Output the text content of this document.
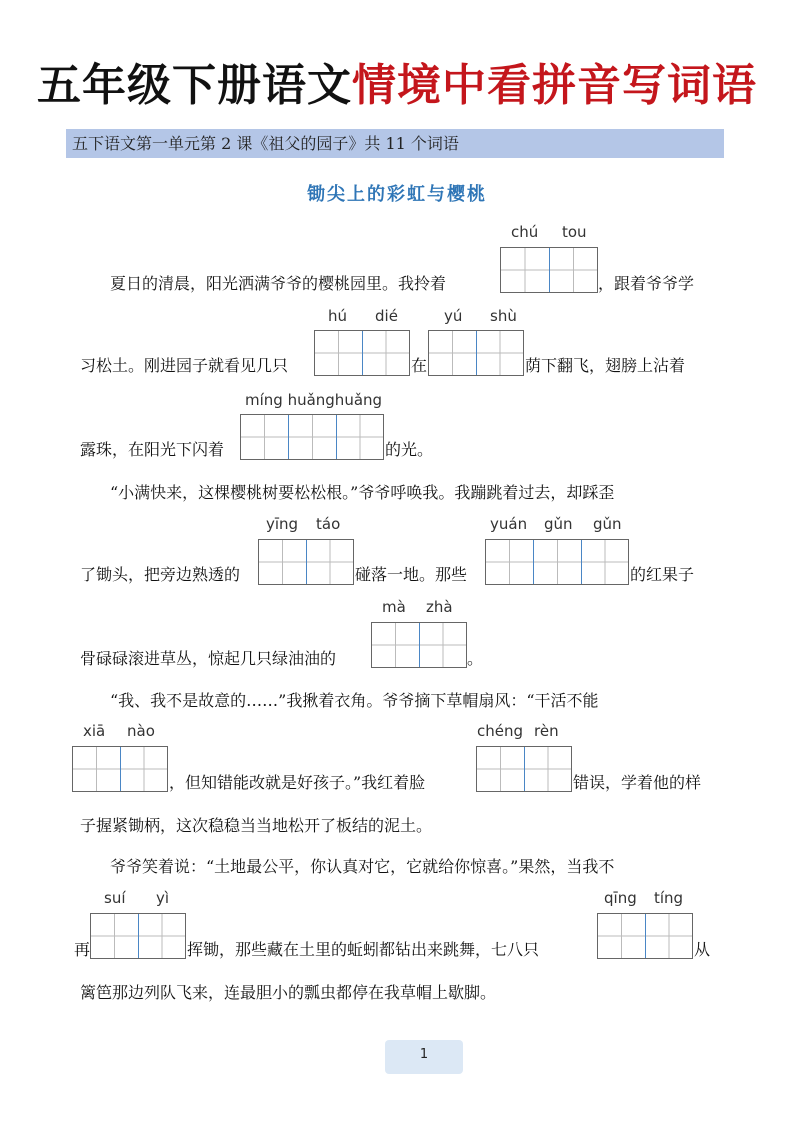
五年级下册语文情境中看拼音写词语
五下语文第一单元第 2 课《祖父的园子》共 11 个词语
锄尖上的彩虹与樱桃
chú tou
夏日的清晨，阳光洒满爷爷的樱桃园里。我拎着	，跟着爷爷学
hú dié	yú shù
习松土。刚进园子就看见几只	在	荫下翻飞，翅膀上沾着
míng huǎnghuǎng
露珠，在阳光下闪着	的光。
“小满快来，这棵樱桃树要松松根。”爷爷呼唤我。我蹦跳着过去，却踩歪
yīng táo	yuán gǔn gǔn
了锄头，把旁边熟透的	碰落一地。那些	的红果子
mà zhà
骨碌碌滚进草丛，惊起几只绿油油的	。
“我、我不是故意的……”我揪着衣角。爷爷摘下草帽扇风：“干活不能
xiā nào	chéng rèn
，但知错能改就是好孩子。”我红着脸	错误，学着他的样
子握紧锄柄，这次稳稳当当地松开了板结的泥土。
爷爷笑着说：“土地最公平，你认真对它，它就给你惊喜。”果然，当我不
suí yì	qīng tíng
再	挥锄，那些藏在土里的蚯蚓都钻出来跳舞，七八只	从
篱笆那边列队飞来，连最胆小的瓢虫都停在我草帽上歇脚。
1
